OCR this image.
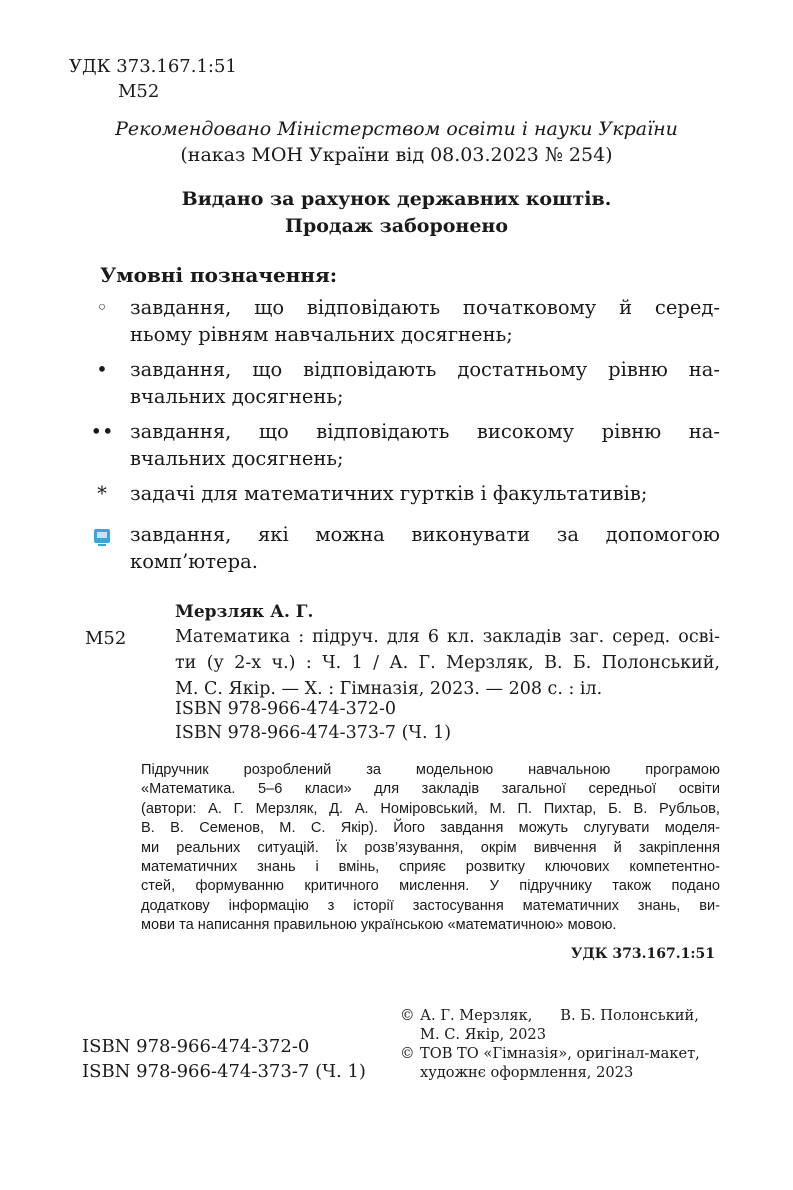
УДК 373.167.1:51
М52
Рекомендовано Міністерством освіти і науки України
(наказ МОН України від 08.03.2023 № 254)
Видано за рахунок державних коштів.
Продаж заборонено
Умовні позначення:
◦	завдання, що відповідають початковому й серед-
ньому рівням навчальних досягнень;
•	завдання, що відповідають достатньому рівню на-
вчальних досягнень;
•• завдання, що відповідають високому рівню на-
вчальних досягнень;
*	задачі для математичних гуртків і факультативів;
завдання, які можна виконувати за допомогою
комп’ютера.
Мерзляк А. Г.
М52	Математика : підруч. для 6 кл. закладів заг. серед. осві-
ти (у 2-х ч.) : Ч. 1 / А. Г. Мерзляк, В. Б. Полонський,
М. С. Якір. — Х. : Гімназія, 2023. — 208 с. : іл.
ISBN 978-966-474-372-0
ISBN 978-966-474-373-7 (Ч. 1)
Підручник розроблений за модельною навчальною програмою
«Математика. 5–6 класи» для закладів загальної середньої освіти
(автори: А. Г. Мерзляк, Д. А. Номіровський, М. П. Пихтар, Б. В. Рубльов,
В. В. Семенов, М. С. Якір). Його завдання можуть слугувати моделя-
ми реальних ситуацій. Їх розв’язування, окрім вивчення й закріплення
математичних знань і вмінь, сприяє розвитку ключових компетентно-
стей, формуванню критичного мислення. У підручнику також подано
додаткову інформацію з історії застосування математичних знань, ви-
мови та написання правильною українською «математичною» мовою.
УДК 373.167.1:51
ISBN 978-966-474-372-0
ISBN 978-966-474-373-7 (Ч. 1)
© А. Г. Мерзляк,      В. Б. Полонський,
М. С. Якір, 2023
© ТОВ ТО «Гімназія», оригінал-макет,
художнє оформлення, 2023
